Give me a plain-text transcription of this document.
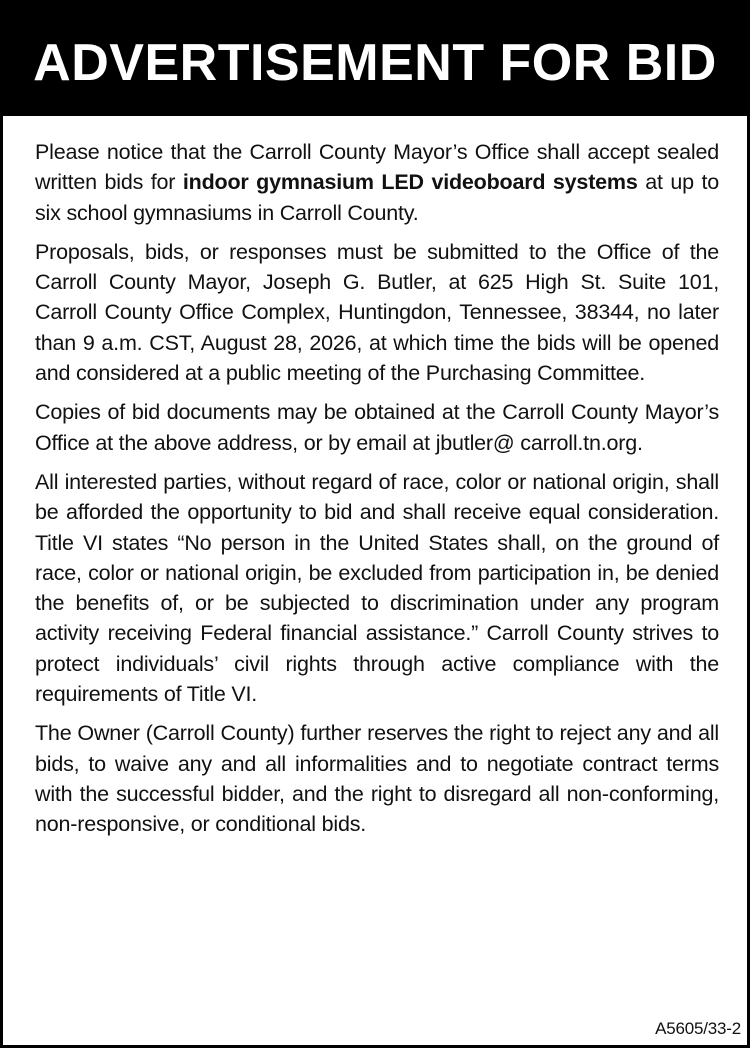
ADVERTISEMENT FOR BID

Please notice that the Carroll County Mayor’s Office shall accept sealed written bids for indoor gymnasium LED videoboard systems at up to six school gymnasiums in Carroll County.

Proposals, bids, or responses must be submitted to the Office of the Carroll County Mayor, Joseph G. Butler, at 625 High St. Suite 101, Carroll County Office Complex, Huntingdon, Tennessee, 38344, no later than 9 a.m. CST, August 28, 2026, at which time the bids will be opened and considered at a public meeting of the Purchasing Committee.

Copies of bid documents may be obtained at the Carroll County Mayor’s Office at the above address, or by email at jbutler@ carroll.tn.org.

All interested parties, without regard of race, color or national origin, shall be afforded the opportunity to bid and shall receive equal consideration. Title VI states “No person in the United States shall, on the ground of race, color or national origin, be excluded from participation in, be denied the benefits of, or be subjected to discrimination under any program activity receiving Federal financial assistance.” Carroll County strives to protect individuals’ civil rights through active compliance with the requirements of Title VI.

The Owner (Carroll County) further reserves the right to reject any and all bids, to waive any and all informalities and to negotiate contract terms with the successful bidder, and the right to disregard all non-conforming, non-responsive, or conditional bids.

A5605/33-2
